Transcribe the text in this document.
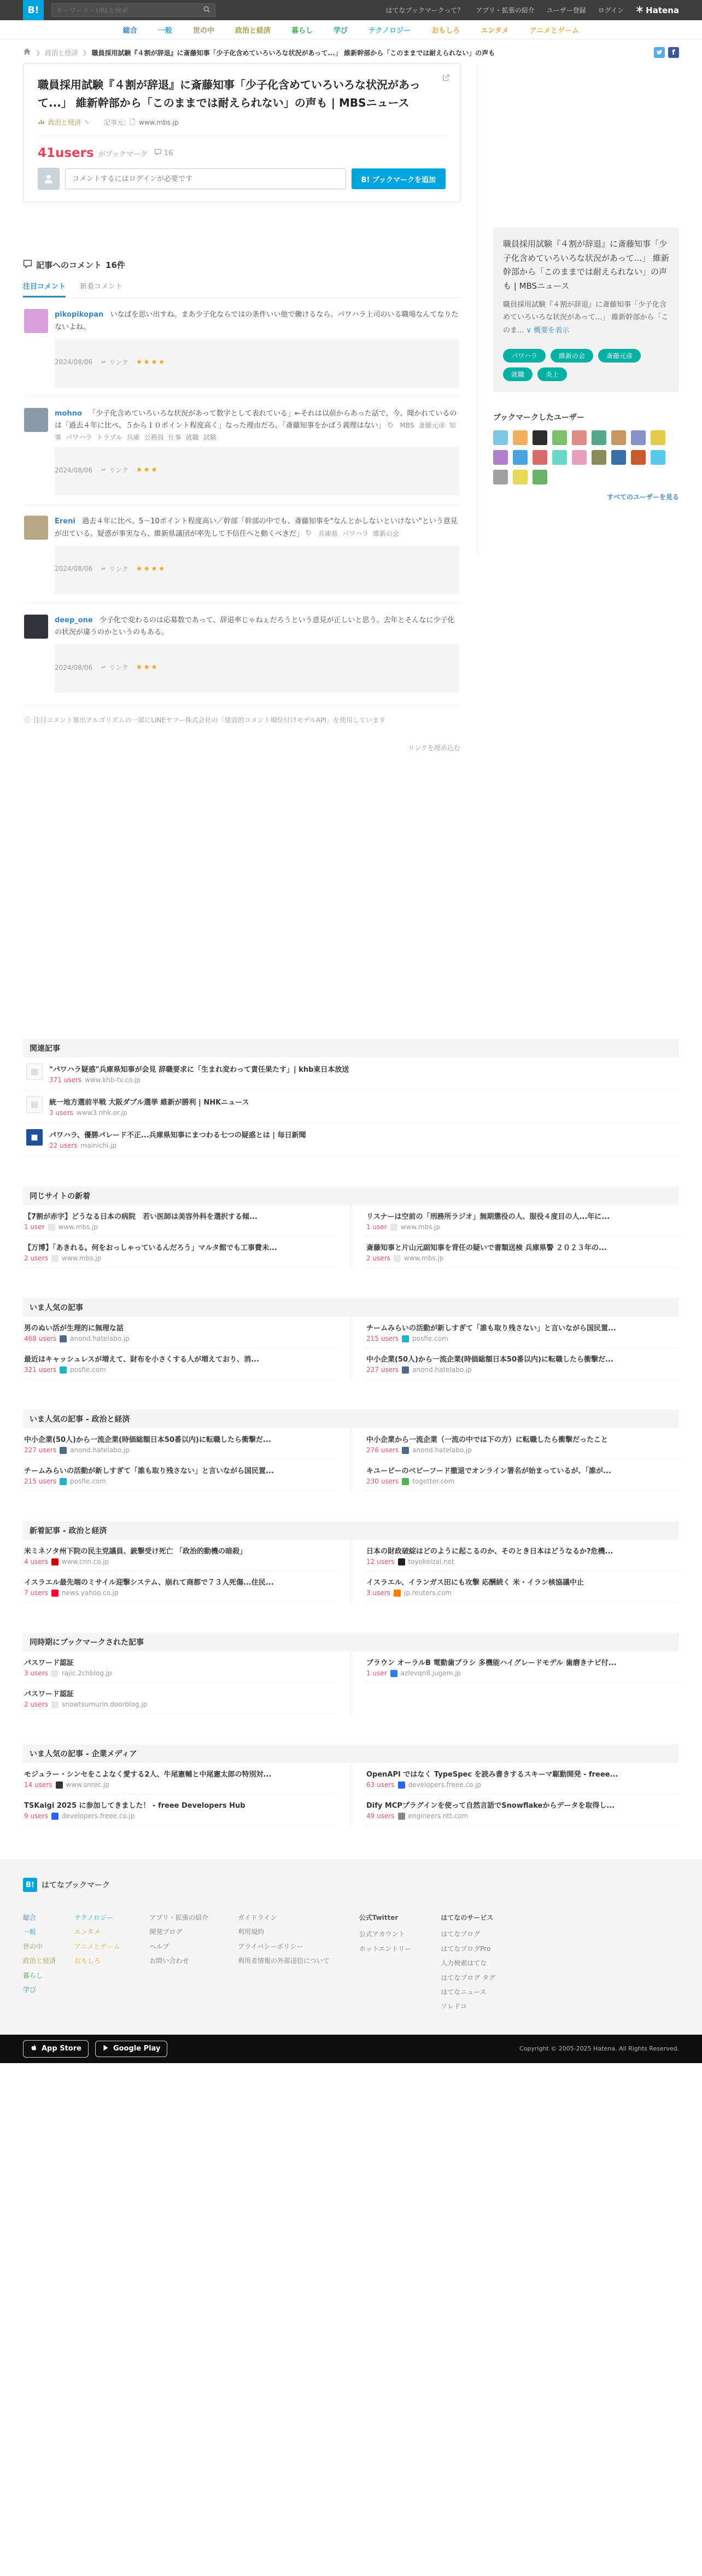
B!
キーワード・URLを検索	はてなブックマークって？ アプリ・拡張の紹介 ユーザー登録 ログイン	Hatena
総合	一般	世の中	政治と経済	暮らし	学び	テクノロジー	おもしろ	エンタメ	アニメとゲーム
❯ 政治と経済 ❯ 職員採用試験『４割が辞退』に斎藤知事「少子化含めていろいろな状況があって...」 維新幹部から「このままでは耐えられない」の声も	f
職員採用試験『４割が辞退』に斎藤知事「少子化含めていろいろな状況があって...」 維新幹部から「このままでは耐えられない」の声も | MBSニュース
政治と経済 ✎ 記事元: www.mbs.jp
41users がブックマーク 16
コメントするにはログインが必要です
B! ブックマークを追加
記事へのコメント 16件
注目コメント 新着コメント
pikopikopan いなばを思い出すね。まあ少子化ならではの条件いい他で働けるなら、パワハラ上司のいる職場なんてなりたないよね。
2024/08/06	リンク ★★★★
mohno 「少子化含めていろいろな状況があって数字として表れている」←それは以前からあった話で、今、聞かれているのは「過去４年に比べ、５から１０ポイント程度高く」なった理由だろ。「斎藤知事をかばう義理はない」 MBS 斎藤元彦 知事 パワハラ トラブル 兵庫 公務員 仕事 就職 試験
2024/08/06	リンク ★★★
Ereni 過去４年に比べ、5〜10ポイント程度高い／幹部「幹部の中でも、斎藤知事を"なんとかしないといけない"という意見が出ている。疑惑が事実なら、維新県議団が率先して不信任へと動くべきだ」 兵庫県 パワハラ 維新の会
2024/08/06	リンク ★★★★
deep_one 少子化で変わるのは応募数であって、辞退率じゃねぇだろうという意見が正しいと思う。去年とそんなに少子化の状況が違うのかというのもある。
2024/08/06	リンク ★★★
ⓘ 注目コメント算出アルゴリズムの一部にLINEヤフー株式会社の「建設的コメント順位付けモデルAPI」を使用しています
リンクを埋め込む
職員採用試験『４割が辞退』に斎藤知事「少子化含めていろいろな状況があって...」 維新幹部から「このままでは耐えられない」の声も | MBSニュース
職員採用試験『４割が辞退』に斎藤知事「少子化含めていろいろな状況があって...」 維新幹部から「このま... ∨ 概要を表示
パワハラ	維新の会	斎藤元彦
就職	炎上
ブックマークしたユーザー
すべてのユーザーを見る
関連記事
▤	"パワハラ疑惑"兵庫県知事が会見 辞職要求に「生まれ変わって責任果たす」| khb東日本放送
371 users www.khb-tv.co.jp
▤	統一地方選前半戦 大阪ダブル選挙 維新が勝利 | NHKニュース
3 users www3.nhk.or.jp
■	パワハラ、優勝パレード不正...兵庫県知事にまつわる七つの疑惑とは | 毎日新聞
22 users mainichi.jp
同じサイトの新着
【7割が赤字】どうなる日本の病院　若い医師は美容外科を選択する傾...
1 user www.mbs.jp
【万博】「あきれる。何をおっしゃっているんだろう」マルタ館でも工事費未...
2 users www.mbs.jp
リスナーは空前の「刑務所ラジオ」無期懲役の人、服役４度目の人...年に...
1 user www.mbs.jp
斎藤知事と片山元副知事を背任の疑いで書類送検 兵庫県警 ２０２３年の...
2 users www.mbs.jp
いま人気の記事
男のぬい活が生理的に無理な話
468 users anond.hatelabo.jp
最近はキャッシュレスが増えて、財布を小さくする人が増えており、消...
321 users posfie.com
チームみらいの活動が新しすぎて「誰も取り残さない」と言いながら国民置...
215 users posfie.com
中小企業(50人)から一流企業(時価総額日本50番以内)に転職したら衝撃だ...
227 users anond.hatelabo.jp
いま人気の記事 - 政治と経済
中小企業(50人)から一流企業(時価総額日本50番以内)に転職したら衝撃だ...
227 users anond.hatelabo.jp
チームみらいの活動が新しすぎて「誰も取り残さない」と言いながら国民置...
215 users posfie.com
中小企業から一流企業（一流の中では下の方）に転職したら衝撃だったこと
276 users anond.hatelabo.jp
キユーピーのベビーフード撤退でオンライン署名が始まっているが、「誰が...
230 users togetter.com
新着記事 - 政治と経済
米ミネソタ州下院の民主党議員、銃撃受け死亡 「政治的動機の暗殺」
4 users www.cnn.co.jp
イスラエル最先端のミサイル迎撃システム、崩れて商都で７３人死傷...住民...
7 users news.yahoo.co.jp
日本の財政破綻はどのように起こるのか、そのとき日本はどうなるか?危機...
12 users toyokeizai.net
イスラエル、イランガス田にも攻撃 応酬続く 米・イラン核協議中止
3 users jp.reuters.com
同時期にブックマークされた記事
パスワード認証
3 users rajic.2chblog.jp
パスワード認証
2 users snowtsumurin.doorblog.jp
ブラウン オーラルB 電動歯ブラシ 多機能ハイグレードモデル 歯磨きナビ付...
1 user azlevqn8.jugem.jp
いま人気の記事 - 企業メディア
モジュラー・シンセをこよなく愛する2人、牛尾憲輔と中尾憲太郎の特別対...
14 users www.snrec.jp
TSKaigi 2025 に参加してきました！ - freee Developers Hub
9 users developers.freee.co.jp
OpenAPI ではなく TypeSpec を読み書きするスキーマ駆動開発 - freee...
63 users developers.freee.co.jp
Dify MCPプラグインを使って自然言語でSnowflakeからデータを取得し...
49 users engineers.ntt.com
B! はてなブックマーク
総合
一般
世の中
政治と経済
暮らし
学び
テクノロジー
エンタメ
アニメとゲーム
おもしろ
アプリ・拡張の紹介
開発ブログ
ヘルプ
お問い合わせ
ガイドライン
利用規約
プライバシーポリシー
利用者情報の外部送信について
公式Twitter
公式アカウント
ホットエントリー
はてなのサービス
はてなブログ
はてなブログPro
人力検索はてな
はてなブログ タグ
はてなニュース
ソレドコ
App Store	Google Play	Copyright © 2005-2025 Hatena. All Rights Reserved.
